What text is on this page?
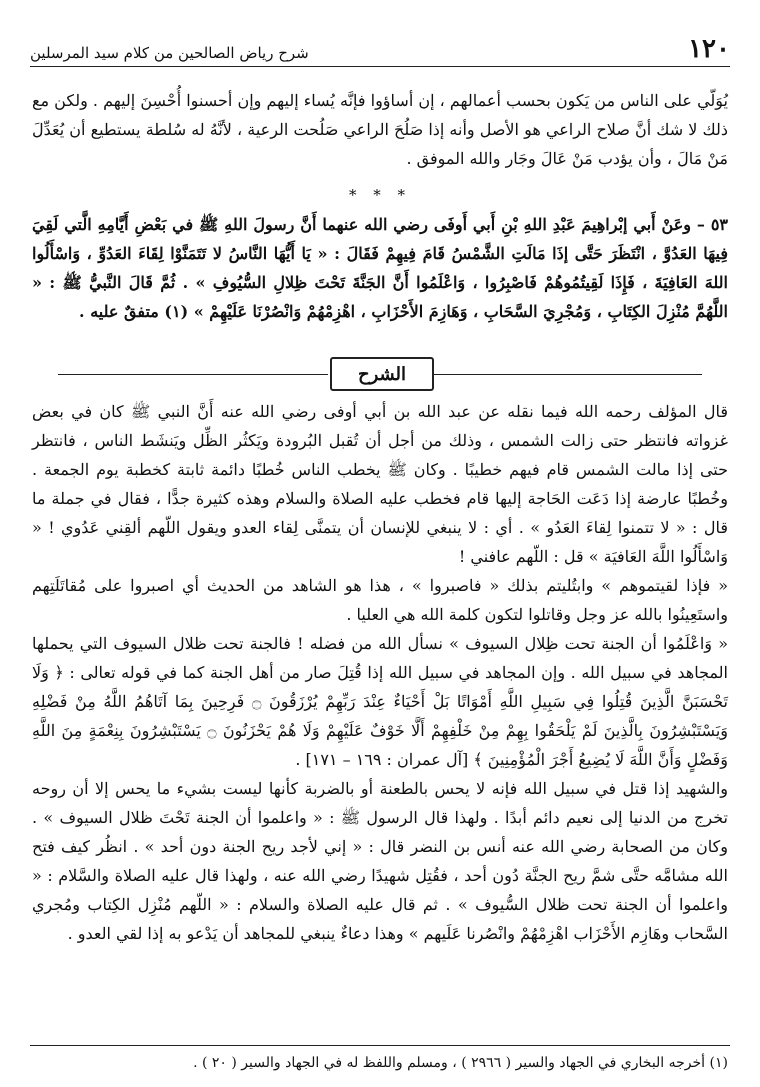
١٢٠
شرح رياض الصالحين من كلام سيد المرسلين

يُوَلّي على الناس من يَكون بحسب أعمالهم ، إن أساؤوا فإنَّه يُساء إليهم وإن أحسنوا أُحْسِنَ إليهم . ولكن مع ذلك لا شك أنَّ صلاح الراعي هو الأصل وأنه إذا صَلُحَ الراعي صَلُحت الرعية ، لأنَّهُ له سُلطة يستطيع أن يُعَدِّلَ مَنْ مَالَ ، وأن يؤدب مَنْ عَالَ وجَار والله الموفق .

* * *

٥٣ – وعَنْ أَبي إبْراهِيمَ عَبْدِ اللهِ بْنِ أَبي أَوفَى رضي الله عنهما أَنَّ رسولَ اللهِ ﷺ في بَعْضِ أَيَّامِهِ الَّتي لَقِيَ فِيهَا العَدُوَّ ، انْتَظَرَ حَتَّى إذَا مَالَتِ الشَّمْسُ قَامَ فِيهِمْ فَقَالَ : « يَا أَيُّهَا النَّاسُ لا تَتَمَنَّوْا لِقَاءَ العَدُوِّ ، وَاسْأَلُوا اللهَ العَافِيَةَ ، فَإِذَا لَقِيتُمُوهُمْ فَاصْبِرُوا ، وَاعْلَمُوا أَنَّ الجَنَّةَ تَحْتَ ظِلالِ السُّيُوفِ » . ثُمَّ قَالَ النَّبيُّ ﷺ : « اللَّهُمَّ مُنْزِلَ الكِتَابِ ، وَمُجْرِيَ السَّحَابِ ، وَهَازِمَ الأَحْزَابِ ، اهْزِمْهُمْ وَانْصُرْنَا عَلَيْهِمْ » (١) متفقٌ عليه .

الشرح

قال المؤلف رحمه الله فيما نقله عن عبد الله بن أبي أوفى رضي الله عنه أَنَّ النبي ﷺ كان في بعض غزواته فانتظر حتى زالت الشمس ، وذلك من أجل أن تُقبل البُرودة ويَكثُر الظِّل ويَنشَط الناس ، فانتظر حتى إذا مالت الشمس قام فيهم خطيبًا . وكان ﷺ يخطب الناس خُطبًا دائمة ثابتة كخطبة يوم الجمعة . وخُطبًا عارضة إذا دَعَت الحَاجة إليها قام فخطب عليه الصلاة والسلام وهذه كثيرة جدًّا ، فقال في جملة ما قال : « لا تتمنوا لِقاءَ العَدُو » . أي : لا ينبغي للإنسان أن يتمنَّى لِقاء العدو ويقول اللّهم ألقِني عَدُوي ! « وَاسْأَلُوا اللَّهَ العَافيَة » قل : اللّهم عافني !

« فإذا لقيتموهم » وابتُليتم بذلك « فاصبروا » ، هذا هو الشاهد من الحديث أي اصبروا على مُقاتَلَتِهم واستَعِينُوا بالله عز وجل وقاتلوا لتكون كلمة الله هي العليا .

« وَاعْلَمُوا أن الجنة تحت ظِلال السيوف » نسأل الله من فضله ! فالجنة تحت ظلال السيوف التي يحملها المجاهد في سبيل الله . وإن المجاهد في سبيل الله إذا قُتِلَ صار من أهل الجنة كما في قوله تعالى : ﴿ وَلَا تَحْسَبَنَّ الَّذِينَ قُتِلُوا فِي سَبِيلِ اللَّهِ أَمْوَاتًا بَلْ أَحْيَاءٌ عِنْدَ رَبِّهِمْ يُرْزَقُونَ ۝ فَرِحِينَ بِمَا آتَاهُمُ اللَّهُ مِنْ فَضْلِهِ وَيَسْتَبْشِرُونَ بِالَّذِينَ لَمْ يَلْحَقُوا بِهِمْ مِنْ خَلْفِهِمْ أَلَّا خَوْفٌ عَلَيْهِمْ وَلَا هُمْ يَحْزَنُونَ ۝ يَسْتَبْشِرُونَ بِنِعْمَةٍ مِنَ اللَّهِ وَفَضْلٍ وَأَنَّ اللَّهَ لَا يُضِيعُ أَجْرَ الْمُؤْمِنِينَ ﴾ [آل عمران : ١٦٩ – ١٧١] .

والشهيد إذا قتل في سبيل الله فإنه لا يحس بالطعنة أو بالضربة كأنها ليست بشيء ما يحس إلا أن روحه تخرج من الدنيا إلى نعيم دائم أبدًا . ولهذا قال الرسول ﷺ : « واعلموا أن الجنة تَحْتَ ظلال السيوف » . وكان من الصحابة رضي الله عنه أنس بن النضر قال : « إني لأجد ريح الجنة دون أحد » . انظُر كيف فتح الله مشامَّه حتَّى شمَّ ريح الجنَّة دُون أحد ، فقُتِل شهيدًا رضي الله عنه ، ولهذا قال عليه الصلاة والسَّلام : « واعلموا أن الجنة تحت ظلال السُّيوف » . ثم قال عليه الصلاة والسلام : « اللّهم مُنْزِل الكِتاب ومُجري السَّحاب وهَازِم الأَحْزَاب اهْزِمْهُمْ وانْصُرنا عَلَيهم » وهذا دعاءٌ ينبغي للمجاهد أن يَدْعو به إذا لقي العدو .

(١) أخرجه البخاري في الجهاد والسير ( ٢٩٦٦ ) ، ومسلم واللفظ له في الجهاد والسير ( ٢٠ ) .
